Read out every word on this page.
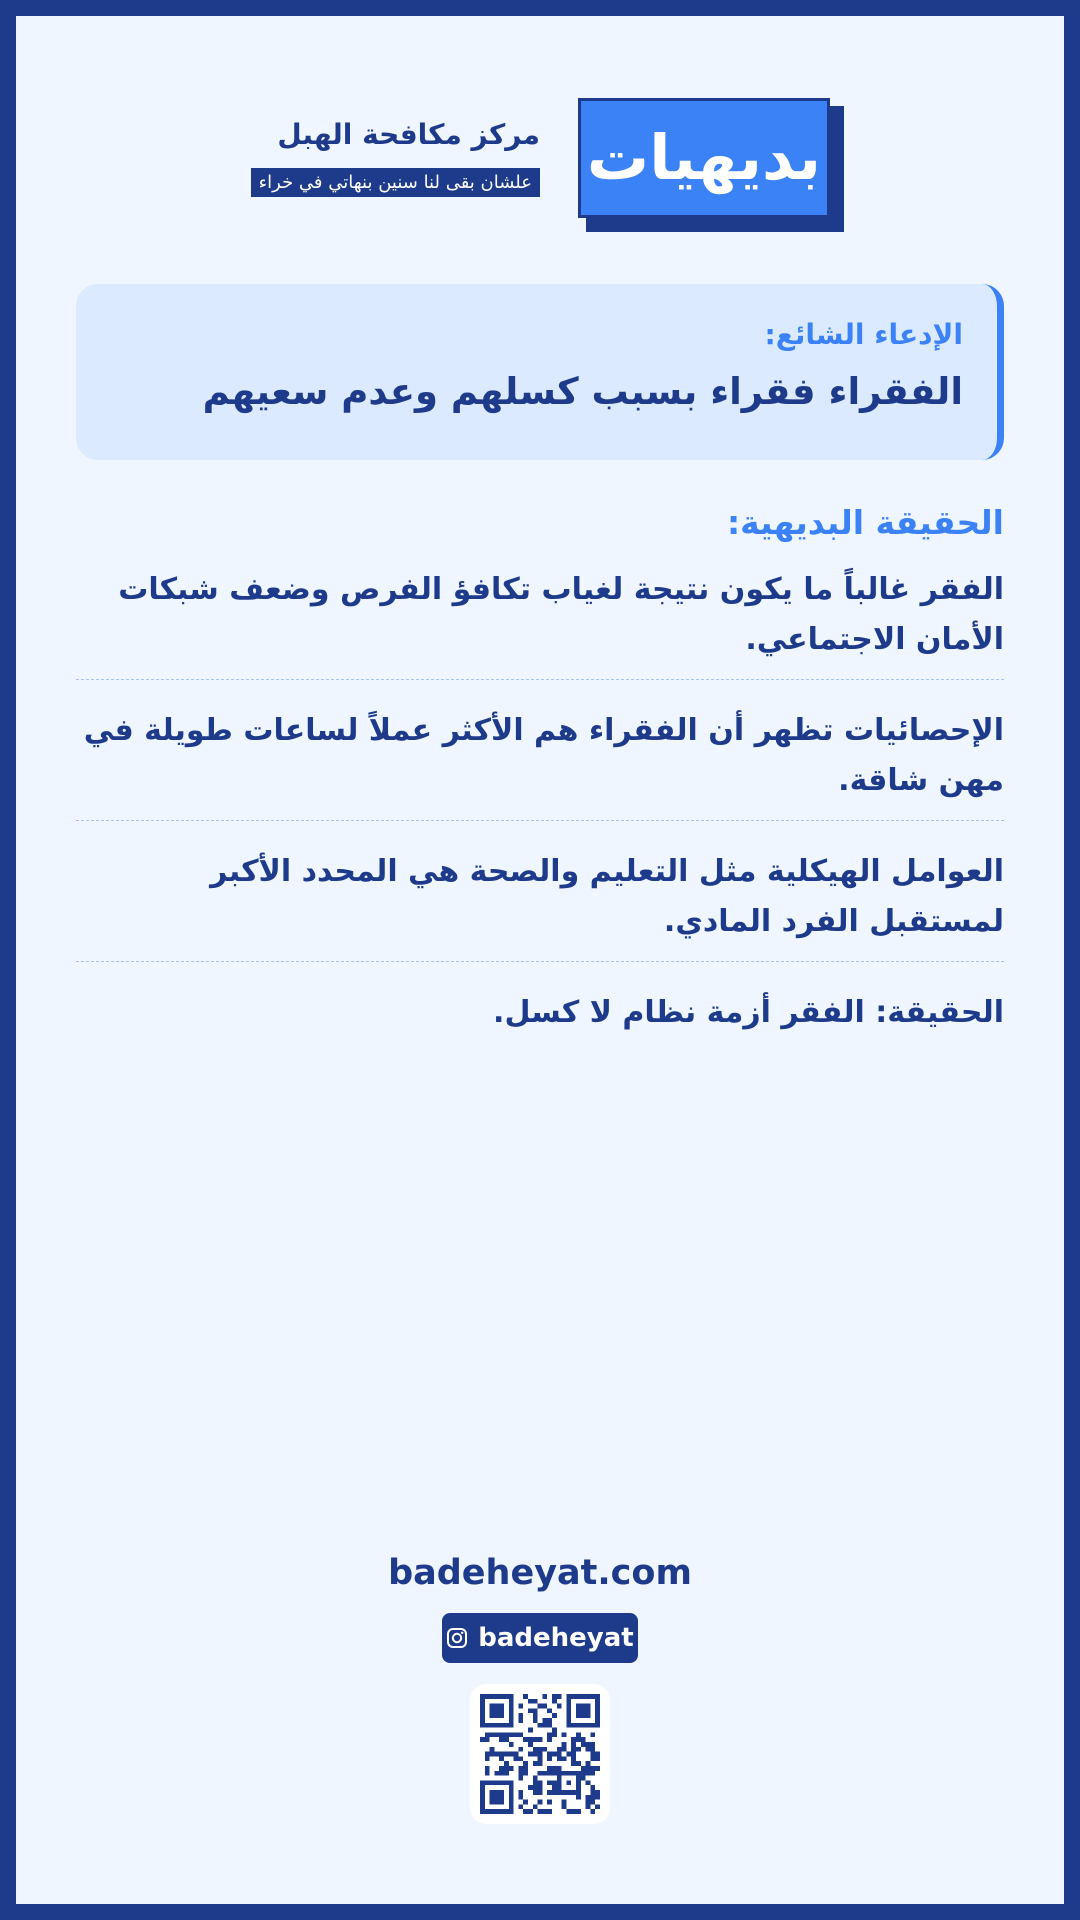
بديهيات
مركز مكافحة الهبل
علشان بقى لنا سنين بنهاتي في خراء
الإدعاء الشائع:
الفقراء فقراء بسبب كسلهم وعدم سعيهم
الحقيقة البديهية:
الفقر غالباً ما يكون نتيجة لغياب تكافؤ الفرص وضعف شبكات الأمان الاجتماعي.
الإحصائيات تظهر أن الفقراء هم الأكثر عملاً لساعات طويلة في مهن شاقة.
العوامل الهيكلية مثل التعليم والصحة هي المحدد الأكبر لمستقبل الفرد المادي.
الحقيقة: الفقر أزمة نظام لا كسل.
badeheyat.com
badeheyat
